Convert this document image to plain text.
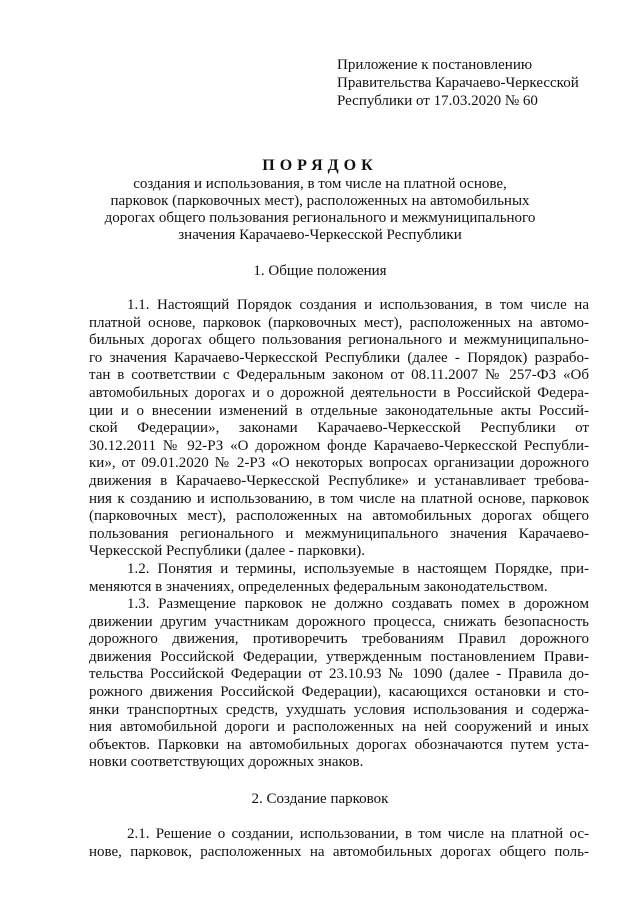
Приложение к постановлению
Правительства Карачаево-Черкесской
Республики от 17.03.2020 № 60
ПОРЯДОК
создания и использования, в том числе на платной основе,
парковок (парковочных мест), расположенных на автомобильных
дорогах общего пользования регионального и межмуниципального
значения Карачаево-Черкесской Республики
1. Общие положения
1.1. Настоящий Порядок создания и использования, в том числе на
платной основе, парковок (парковочных мест), расположенных на автомо-
бильных дорогах общего пользования регионального и межмуниципально-
го значения Карачаево-Черкесской Республики (далее - Порядок) разрабо-
тан в соответствии с Федеральным законом от 08.11.2007 № 257-ФЗ «Об
автомобильных дорогах и о дорожной деятельности в Российской Федера-
ции и о внесении изменений в отдельные законодательные акты Россий-
ской Федерации», законами Карачаево-Черкесской Республики от
30.12.2011 № 92-РЗ «О дорожном фонде Карачаево-Черкесской Республи-
ки», от 09.01.2020 № 2-РЗ «О некоторых вопросах организации дорожного
движения в Карачаево-Черкесской Республике» и устанавливает требова-
ния к созданию и использованию, в том числе на платной основе, парковок
(парковочных мест), расположенных на автомобильных дорогах общего
пользования регионального и межмуниципального значения Карачаево-
Черкесской Республики (далее - парковки).
1.2. Понятия и термины, используемые в настоящем Порядке, при-
меняются в значениях, определенных федеральным законодательством.
1.3. Размещение парковок не должно создавать помех в дорожном
движении другим участникам дорожного процесса, снижать безопасность
дорожного движения, противоречить требованиям Правил дорожного
движения Российской Федерации, утвержденным постановлением Прави-
тельства Российской Федерации от 23.10.93 № 1090 (далее - Правила до-
рожного движения Российской Федерации), касающихся остановки и сто-
янки транспортных средств, ухудшать условия использования и содержа-
ния автомобильной дороги и расположенных на ней сооружений и иных
объектов. Парковки на автомобильных дорогах обозначаются путем уста-
новки соответствующих дорожных знаков.
2. Создание парковок
2.1. Решение о создании, использовании, в том числе на платной ос-
нове, парковок, расположенных на автомобильных дорогах общего поль-
